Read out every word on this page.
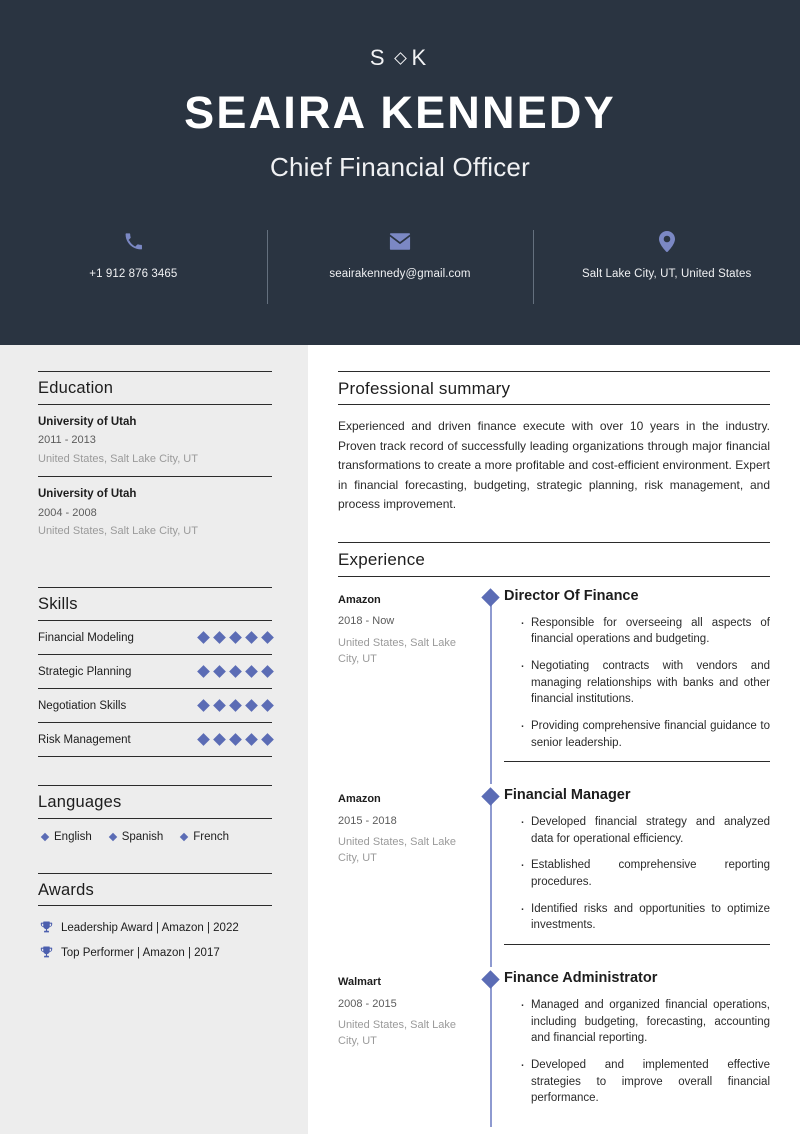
S K
SEAIRA KENNEDY
Chief Financial Officer
+1 912 876 3465	seairakennedy@gmail.com	Salt Lake City, UT, United States
Education
University of Utah
2011 - 2013
United States, Salt Lake City, UT
University of Utah
2004 - 2008
United States, Salt Lake City, UT
Skills
Financial Modeling
Strategic Planning
Negotiation Skills
Risk Management
Languages
English	Spanish	French
Awards
Leadership Award | Amazon | 2022
Top Performer | Amazon | 2017
Professional summary

Experienced and driven finance execute with over 10 years in the industry. Proven track record of successfully leading organizations through major financial transformations to create a more profitable and cost-efficient environment. Expert in financial forecasting, budgeting, strategic planning, risk management, and process improvement.

Experience
Amazon
2018 - Now
United States, Salt Lake City, UT
Director Of Finance
· Responsible for overseeing all aspects of financial operations and budgeting.
· Negotiating contracts with vendors and managing relationships with banks and other financial institutions.
· Providing comprehensive financial guidance to senior leadership.
Amazon
2015 - 2018
United States, Salt Lake City, UT
Financial Manager
· Developed financial strategy and analyzed data for operational efficiency.
· Established comprehensive reporting procedures.
· Identified risks and opportunities to optimize investments.
Walmart
2008 - 2015
United States, Salt Lake City, UT
Finance Administrator
· Managed and organized financial operations, including budgeting, forecasting, accounting and financial reporting.
· Developed and implemented effective strategies to improve overall financial performance.
